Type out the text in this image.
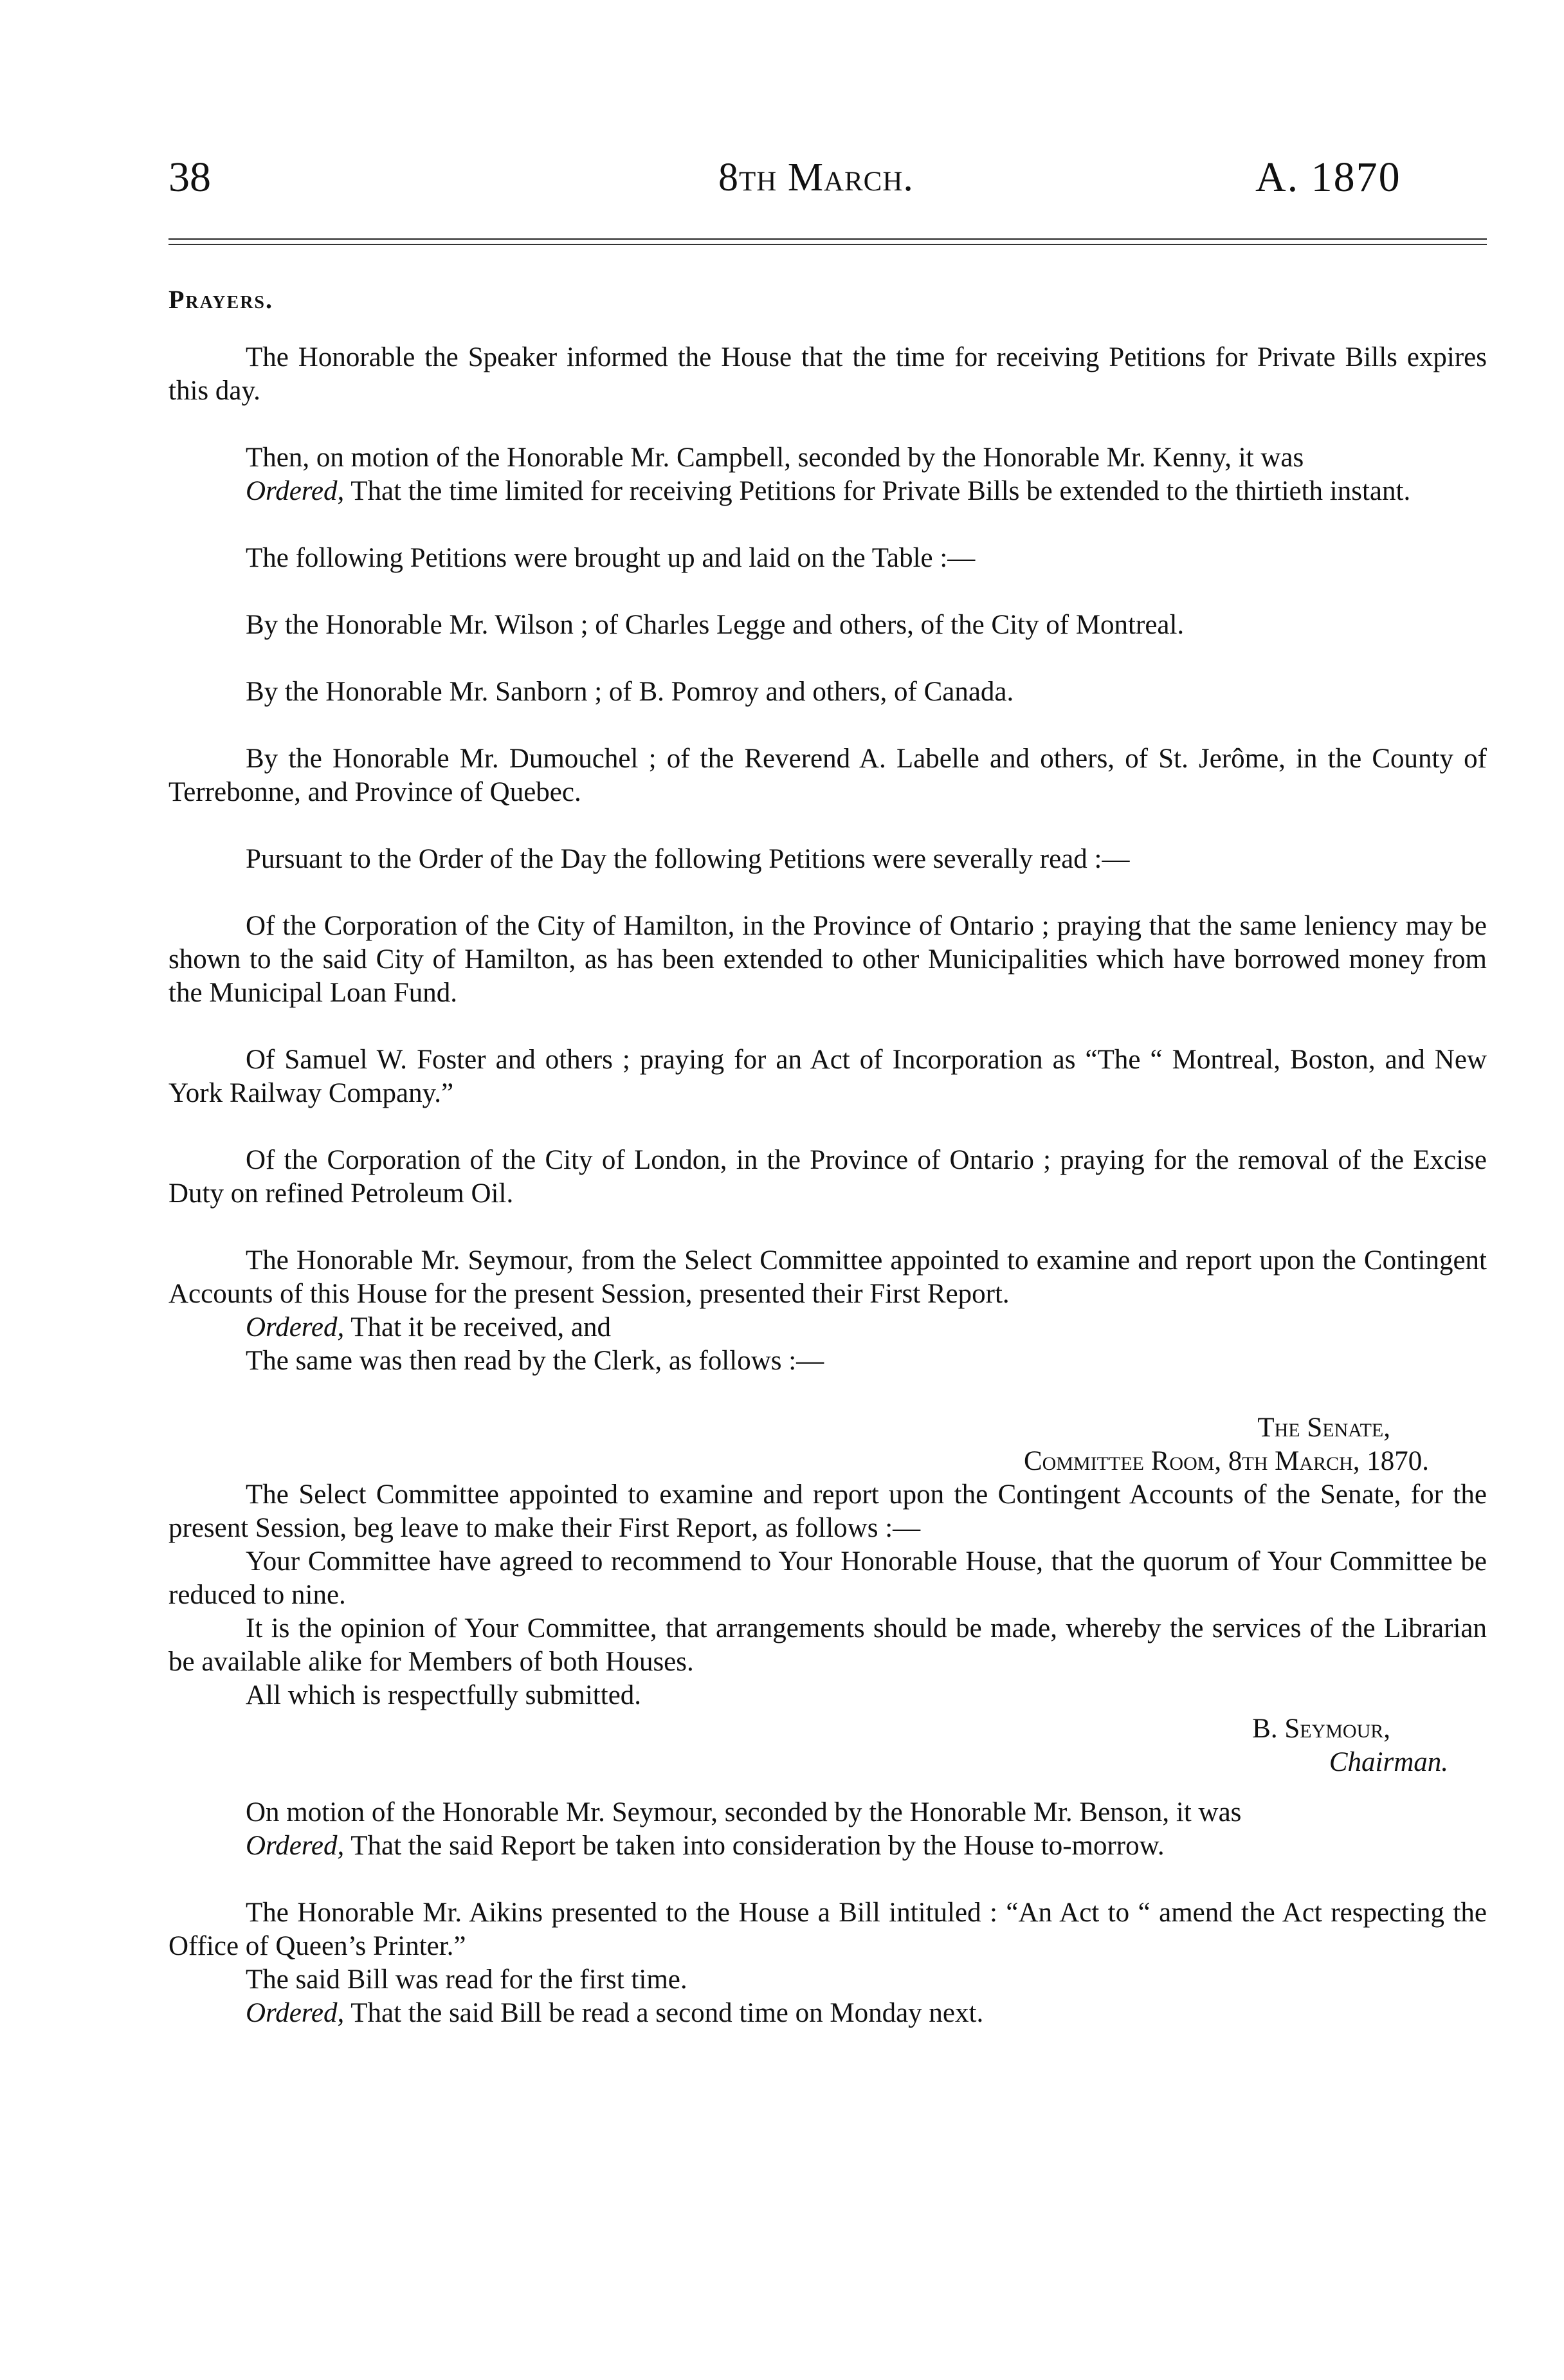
38	8th March.	A. 1870
Prayers.

The Honorable the Speaker informed the House that the time for receiving Petitions for Private Bills expires this day.

Then, on motion of the Honorable Mr. Campbell, seconded by the Honorable Mr. Kenny, it was

Ordered, That the time limited for receiving Petitions for Private Bills be extended to the thirtieth instant.

The following Petitions were brought up and laid on the Table :—

By the Honorable Mr. Wilson ; of Charles Legge and others, of the City of Montreal.

By the Honorable Mr. Sanborn ; of B. Pomroy and others, of Canada.

By the Honorable Mr. Dumouchel ; of the Reverend A. Labelle and others, of St. Jerôme, in the County of Terrebonne, and Province of Quebec.

Pursuant to the Order of the Day the following Petitions were severally read :—

Of the Corporation of the City of Hamilton, in the Province of Ontario ; praying that the same leniency may be shown to the said City of Hamilton, as has been extended to other Municipalities which have borrowed money from the Municipal Loan Fund.

Of Samuel W. Foster and others ; praying for an Act of Incorporation as “The “ Montreal, Boston, and New York Railway Company.”

Of the Corporation of the City of London, in the Province of Ontario ; praying for the removal of the Excise Duty on refined Petroleum Oil.

The Honorable Mr. Seymour, from the Select Committee appointed to examine and report upon the Contingent Accounts of this House for the present Session, presented their First Report.

Ordered, That it be received, and

The same was then read by the Clerk, as follows :—

The Senate,

Committee Room, 8th March, 1870.

The Select Committee appointed to examine and report upon the Contingent Accounts of the Senate, for the present Session, beg leave to make their First Report, as follows :—

Your Committee have agreed to recommend to Your Honorable House, that the quorum of Your Committee be reduced to nine.

It is the opinion of Your Committee, that arrangements should be made, whereby the services of the Librarian be available alike for Members of both Houses.

All which is respectfully submitted.

B. Seymour,

Chairman.

On motion of the Honorable Mr. Seymour, seconded by the Honorable Mr. Benson, it was

Ordered, That the said Report be taken into consideration by the House to-morrow.

The Honorable Mr. Aikins presented to the House a Bill intituled : “An Act to “ amend the Act respecting the Office of Queen’s Printer.”

The said Bill was read for the first time.

Ordered, That the said Bill be read a second time on Monday next.
